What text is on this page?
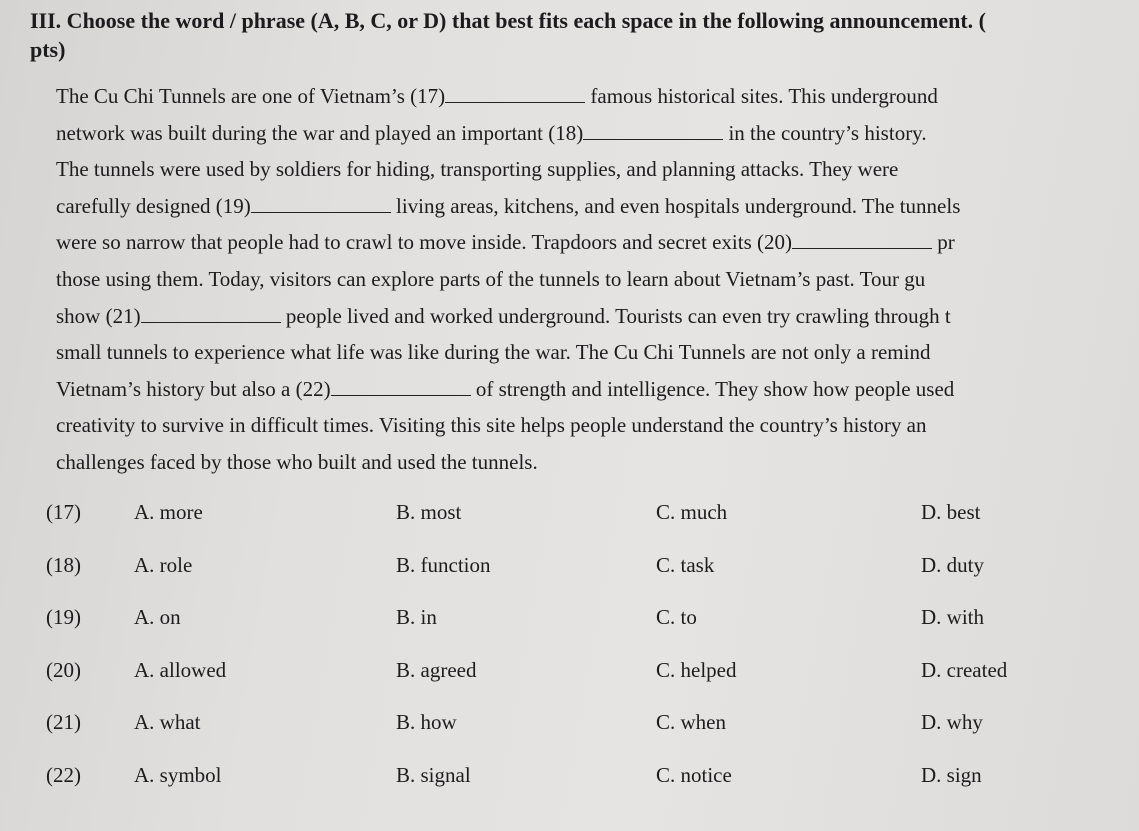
III. Choose the word / phrase (A, B, C, or D) that best fits each space in the following announcement. (
pts)
The Cu Chi Tunnels are one of Vietnam’s (17)	famous historical sites. This underground
network was built during the war and played an important (18)	in the country’s history.
The tunnels were used by soldiers for hiding, transporting supplies, and planning attacks. They were
carefully designed (19)	living areas, kitchens, and even hospitals underground. The tunnels
were so narrow that people had to crawl to move inside. Trapdoors and secret exits (20)	pr
those using them. Today, visitors can explore parts of the tunnels to learn about Vietnam’s past. Tour gu
show (21)	people lived and worked underground. Tourists can even try crawling through t
small tunnels to experience what life was like during the war. The Cu Chi Tunnels are not only a remind
Vietnam’s history but also a (22)	of strength and intelligence. They show how people used
creativity to survive in difficult times. Visiting this site helps people understand the country’s history an
challenges faced by those who built and used the tunnels.
(17)	A. more	B. most	C. much	D. best
(18)	A. role	B. function	C. task	D. duty
(19)	A. on	B. in	C. to	D. with
(20)	A. allowed	B. agreed	C. helped	D. created
(21)	A. what	B. how	C. when	D. why
(22)	A. symbol	B. signal	C. notice	D. sign
